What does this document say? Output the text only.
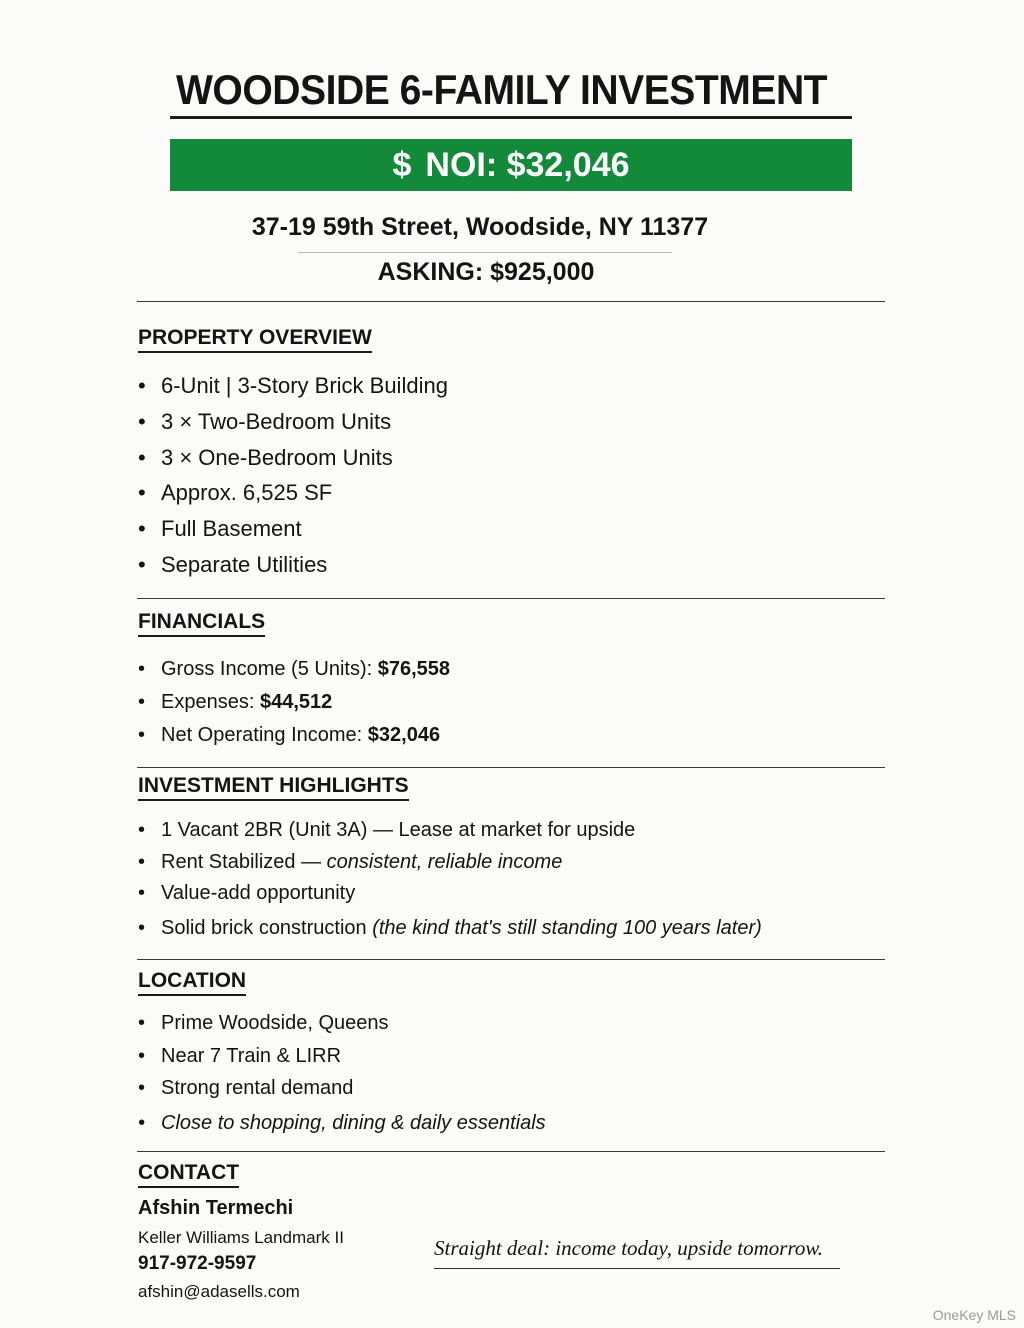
WOODSIDE 6-FAMILY INVESTMENT
$ NOI: $32,046
37-19 59th Street, Woodside, NY 11377
ASKING: $925,000
PROPERTY OVERVIEW
• 6-Unit | 3-Story Brick Building
• 3 × Two-Bedroom Units
• 3 × One-Bedroom Units
• Approx. 6,525 SF
• Full Basement
• Separate Utilities
FINANCIALS
• Gross Income (5 Units): $76,558
• Expenses: $44,512
• Net Operating Income: $32,046
INVESTMENT HIGHLIGHTS
• 1 Vacant 2BR (Unit 3A) — Lease at market for upside
• Rent Stabilized — consistent, reliable income
• Value-add opportunity
• Solid brick construction (the kind that's still standing 100 years later)
LOCATION
• Prime Woodside, Queens
• Near 7 Train & LIRR
• Strong rental demand
• Close to shopping, dining & daily essentials
CONTACT
Afshin Termechi
Keller Williams Landmark II
917-972-9597
afshin@adasells.com
Straight deal: income today, upside tomorrow.
OneKey MLS
